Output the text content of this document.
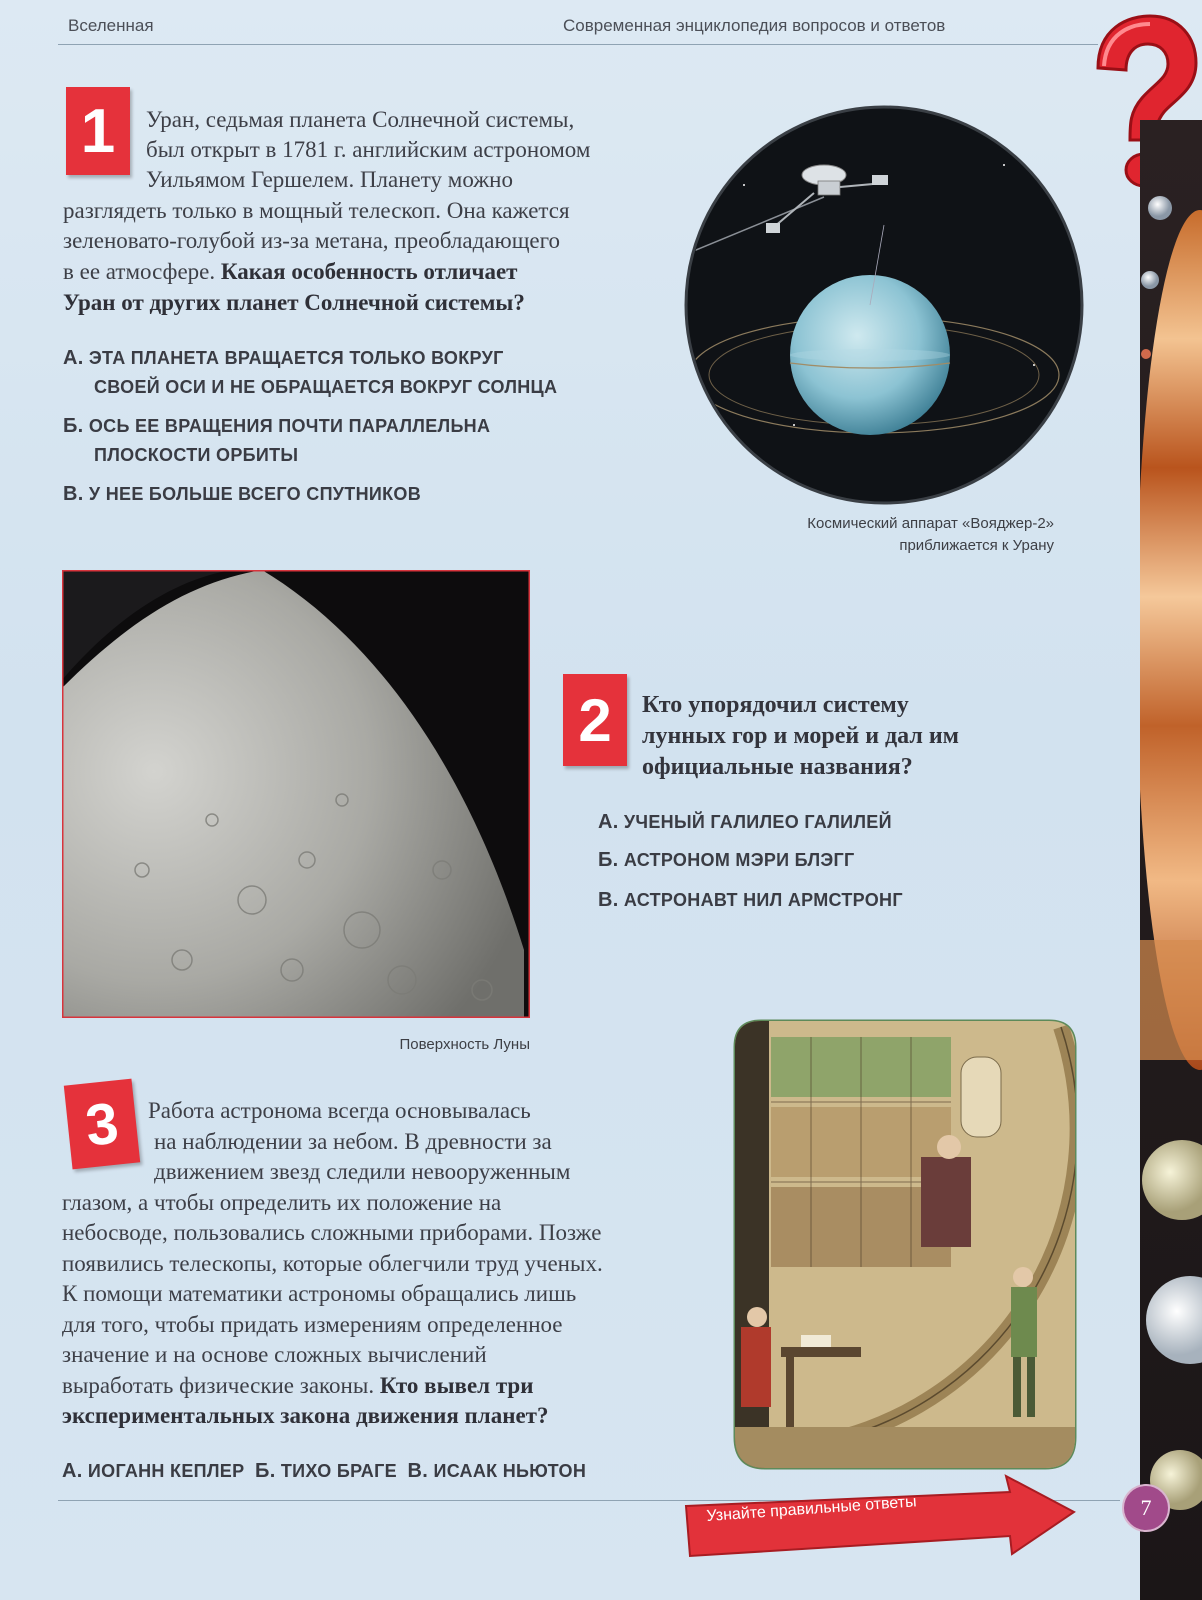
Вселенная	Современная энциклопедия вопросов и ответов
1	Уран, седьмая планета Солнечной системы,
был открыт в 1781 г. английским астрономом
Уильямом Гершелем. Планету можно
разглядеть только в мощный телескоп. Она кажется
зеленовато-голубой из-за метана, преобладающего
в ее атмосфере. Какая особенность отличает
Уран от других планет Солнечной системы?
А. ЭТА ПЛАНЕТА ВРАЩАЕТСЯ ТОЛЬКО ВОКРУГ
СВОЕЙ ОСИ И НЕ ОБРАЩАЕТСЯ ВОКРУГ СОЛНЦА
Б. ОСЬ ЕЕ ВРАЩЕНИЯ ПОЧТИ ПАРАЛЛЕЛЬНА
ПЛОСКОСТИ ОРБИТЫ
В. У НЕЕ БОЛЬШЕ ВСЕГО СПУТНИКОВ
Космический аппарат «Вояджер-2»
приближается к Урану
Поверхность Луны
2	Кто упорядочил систему
лунных гор и морей и дал им
официальные названия?
А. УЧЕНЫЙ ГАЛИЛЕО ГАЛИЛЕЙ
Б. АСТРОНОМ МЭРИ БЛЭГГ
В. АСТРОНАВТ НИЛ АРМСТРОНГ
3	Работа астронома всегда основывалась
на наблюдении за небом. В древности за
движением звезд следили невооруженным
глазом, а чтобы определить их положение на
небосводе, пользовались сложными приборами. Позже
появились телескопы, которые облегчили труд ученых.
К помощи математики астрономы обращались лишь
для того, чтобы придать измерениям определенное
значение и на основе сложных вычислений
выработать физические законы. Кто вывел три
экспериментальных закона движения планет?
А. ИОГАНН КЕПЛЕР Б. ТИХО БРАГЕ В. ИСААК НЬЮТОН
Узнайте правильные ответы	7
